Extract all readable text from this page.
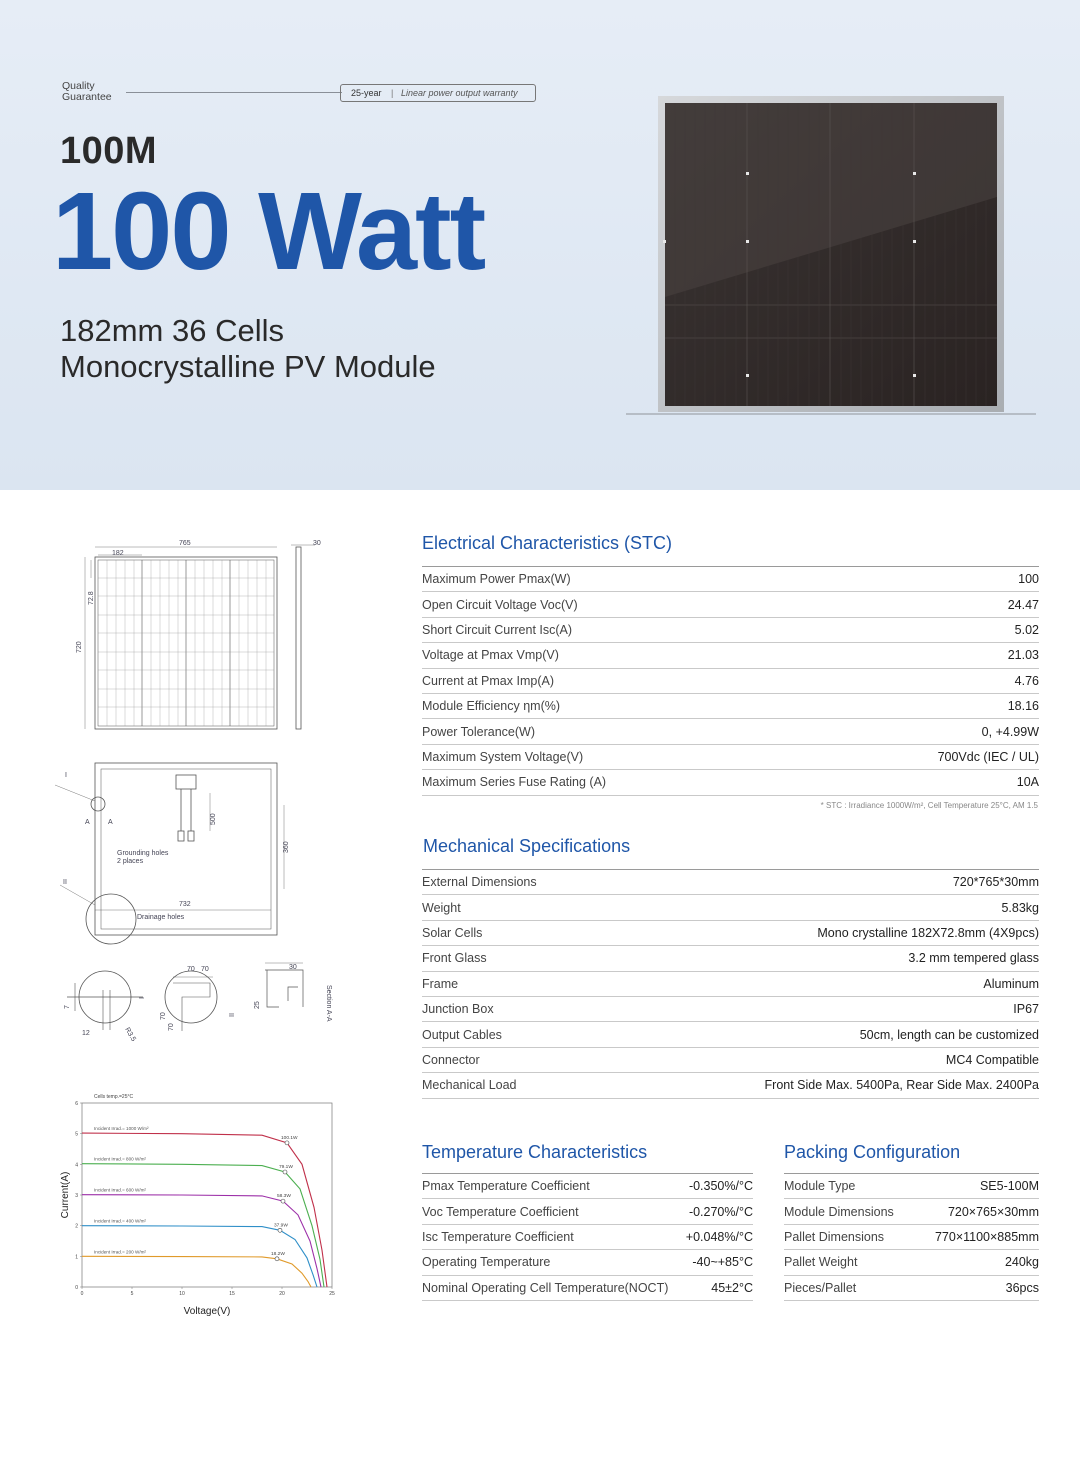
Quality
Guarantee	25-year | Linear power output warranty
100M
100 Watt
182mm 36 Cells
Monocrystalline PV Module
Electrical Characteristics (STC)
Maximum Power Pmax(W)	100
Open Circuit Voltage Voc(V)	24.47
Short Circuit Current Isc(A)	5.02
Voltage at Pmax Vmp(V)	21.03
Current at Pmax Imp(A)	4.76
Module Efficiency ηm(%)	18.16
Power Tolerance(W)	0, +4.99W
Maximum System Voltage(V)	700Vdc (IEC / UL)
Maximum Series Fuse Rating (A)	10A
* STC : Irradiance 1000W/m², Cell Temperature 25°C, AM 1.5
Mechanical Specifications
External Dimensions	720*765*30mm
Weight	5.83kg
Solar Cells	Mono crystalline 182X72.8mm (4X9pcs)
Front Glass	3.2 mm tempered glass
Frame	Aluminum
Junction Box	IP67
Output Cables	50cm, length can be customized
Connector	MC4 Compatible
Mechanical Load	Front Side Max. 5400Pa, Rear Side Max. 2400Pa
Temperature Characteristics
Pmax Temperature Coefficient	-0.350%/°C
Voc Temperature Coefficient	-0.270%/°C
Isc Temperature Coefficient	+0.048%/°C
Operating Temperature	-40~+85°C
Nominal Operating Cell Temperature(NOCT)	45±2°C
Packing Configuration
Module Type	SE5-100M
Module Dimensions	720×765×30mm
Pallet Dimensions	770×1100×885mm
Pallet Weight	240kg
Pieces/Pallet	36pcs
765
182
30
720
72.8
I
A	A	500
360
Grounding holes
2 places
II
732
Drainage holes
7
12	R3.5
I
70 70
70
70
II
30
25	Section A-A
Cells temp.=25°C
0	5	10	15	20	25
0
1
2
3
4
5
6
Voltage(V)
Current(A)
Incident Irrad.= 1000 W/m²
100.1W
Incident Irrad.= 800 W/m²
79.1W
Incident Irrad.= 600 W/m²
58.3W
Incident Irrad.= 400 W/m²
37.9W
Incident Irrad.= 200 W/m²	18.2W
